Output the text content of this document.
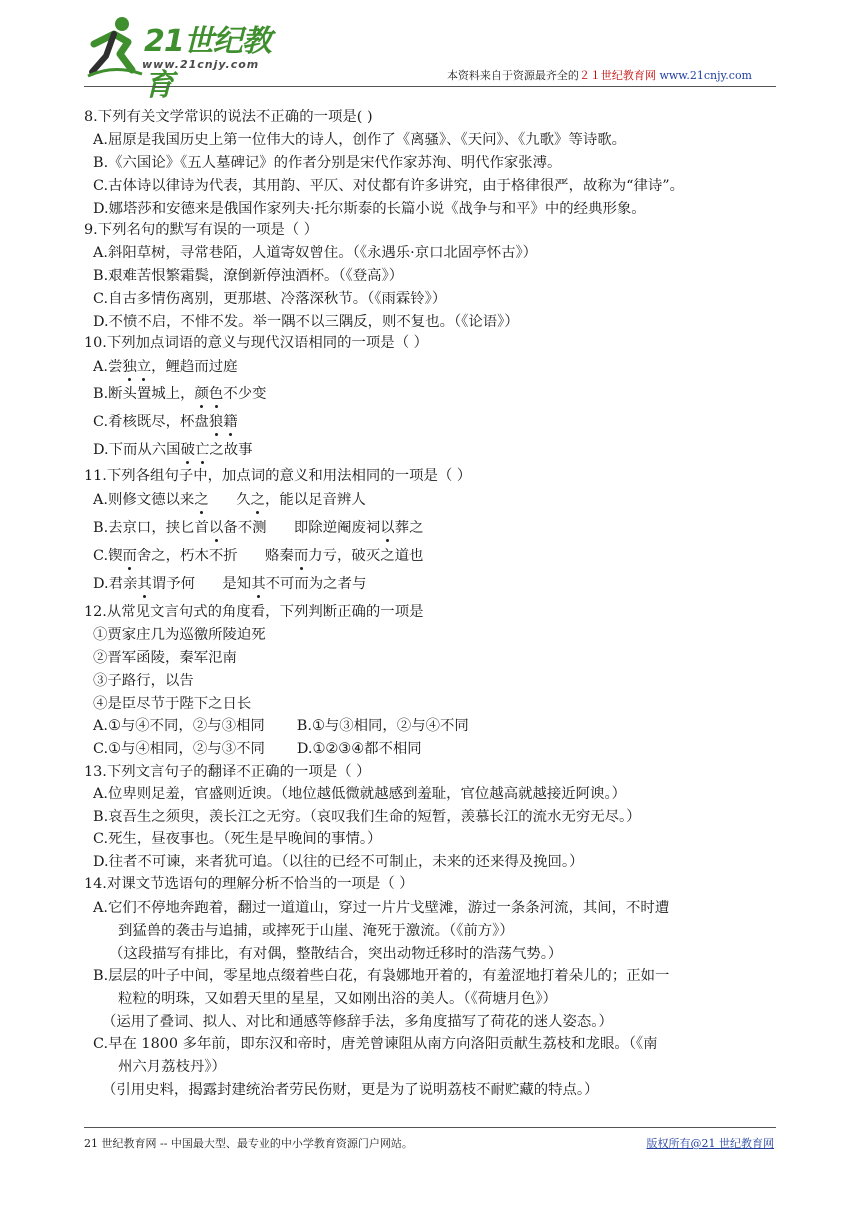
21世纪教育
www.21cnjy.com
本资料来自于资源最齐全的２１世纪教育网 www.21cnjy.com
8.下列有关文学常识的说法不正确的一项是( )
A.屈原是我国历史上第一位伟大的诗人，创作了《离骚》、《天问》、《九歌》等诗歌。
B.《六国论》《五人墓碑记》的作者分别是宋代作家苏洵、明代作家张溥。
C.古体诗以律诗为代表，其用韵、平仄、对仗都有许多讲究，由于格律很严，故称为“律诗”。
D.娜塔莎和安德来是俄国作家列夫·托尔斯泰的长篇小说《战争与和平》中的经典形象。
9.下列名句的默写有误的一项是（ ）
A.斜阳草树，寻常巷陌，人道寄奴曾住。（《永遇乐·京口北固亭怀古》）
B.艰难苦恨繁霜鬓，潦倒新停浊酒杯。（《登高》）
C.自古多情伤离别，更那堪、冷落深秋节。（《雨霖铃》）
D.不愤不启，不悱不发。举一隅不以三隅反，则不复也。（《论语》）
10.下列加点词语的意义与现代汉语相同的一项是（ ）
A.尝独立，鲤趋而过庭
B.断头置城上，颜色不少变
C.肴核既尽，杯盘狼籍
D.下而从六国破亡之故事
11.下列各组句子中，加点词的意义和用法相同的一项是（ ）
A.则修文德以来之      久之，能以足音辨人
B.去京口，挟匕首以备不测      即除逆阉废祠以葬之
C.锲而舍之，朽木不折      赂秦而力亏，破灭之道也
D.君亲其谓予何      是知其不可而为之者与
12.从常见文言句式的角度看，下列判断正确的一项是
①贾家庄几为巡徼所陵迫死
②晋军函陵，秦军氾南
③子路行，以告
④是臣尽节于陛下之日长
A.①与④不同，②与③相同       B.①与③相同，②与④不同
C.①与④相同，②与③不同       D.①②③④都不相同
13.下列文言句子的翻译不正确的一项是（ ）
A.位卑则足羞，官盛则近谀。（地位越低微就越感到羞耻，官位越高就越接近阿谀。）
B.哀吾生之须臾，羡长江之无穷。（哀叹我们生命的短暂，羡慕长江的流水无穷无尽。）
C.死生，昼夜事也。（死生是早晚间的事情。）
D.往者不可谏，来者犹可追。（以往的已经不可制止，未来的还来得及挽回。）
14.对课文节选语句的理解分析不恰当的一项是（ ）
A.它们不停地奔跑着，翻过一道道山，穿过一片片戈壁滩，游过一条条河流，其间，不时遭
到猛兽的袭击与追捕，或摔死于山崖、淹死于激流。（《前方》）
（这段描写有排比，有对偶，整散结合，突出动物迁移时的浩荡气势。）
B.层层的叶子中间，零星地点缀着些白花，有袅娜地开着的，有羞涩地打着朵儿的；正如一
粒粒的明珠，又如碧天里的星星，又如刚出浴的美人。（《荷塘月色》）
（运用了叠词、拟人、对比和通感等修辞手法，多角度描写了荷花的迷人姿态。）
C.早在 1800 多年前，即东汉和帝时，唐羌曾谏阻从南方向洛阳贡献生荔枝和龙眼。（《南
州六月荔枝丹》）
（引用史料，揭露封建统治者劳民伤财，更是为了说明荔枝不耐贮藏的特点。）
21 世纪教育网 -- 中国最大型、最专业的中小学教育资源门户网站。	版权所有@21 世纪教育网
